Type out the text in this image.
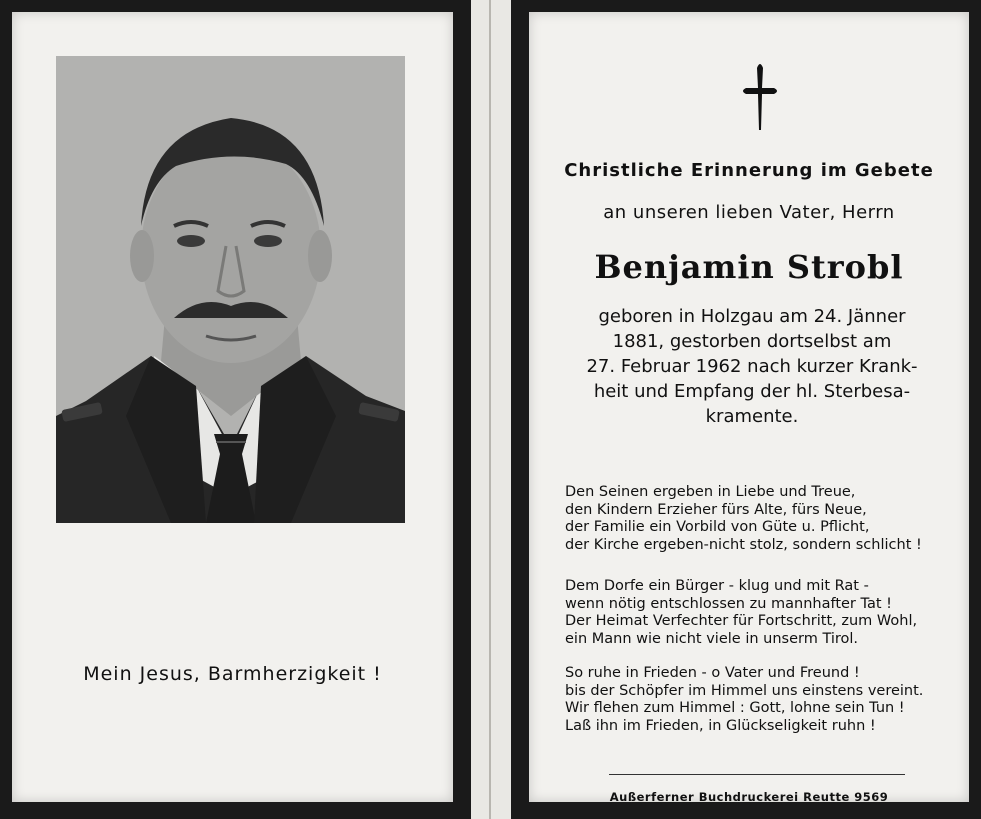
Mein Jesus, Barmherzigkeit !

Christliche Erinnerung im Gebete

an unseren lieben Vater, Herrn

Benjamin Strobl

geboren in Holzgau am 24. Jänner
1881, gestorben dortselbst am
27. Februar 1962 nach kurzer Krank-
heit und Empfang der hl. Sterbesa-
kramente.
Den Seinen ergeben in Liebe und Treue,
den Kindern Erzieher fürs Alte, fürs Neue,
der Familie ein Vorbild von Güte u. Pflicht,
der Kirche ergeben-nicht stolz, sondern schlicht !
Dem Dorfe ein Bürger - klug und mit Rat -
wenn nötig entschlossen zu mannhafter Tat !
Der Heimat Verfechter für Fortschritt, zum Wohl,
ein Mann wie nicht viele in unserm Tirol.
So ruhe in Frieden - o Vater und Freund !
bis der Schöpfer im Himmel uns einstens vereint.
Wir flehen zum Himmel : Gott, lohne sein Tun !
Laß ihn im Frieden, in Glückseligkeit ruhn !

Außerferner Buchdruckerei Reutte 9569
